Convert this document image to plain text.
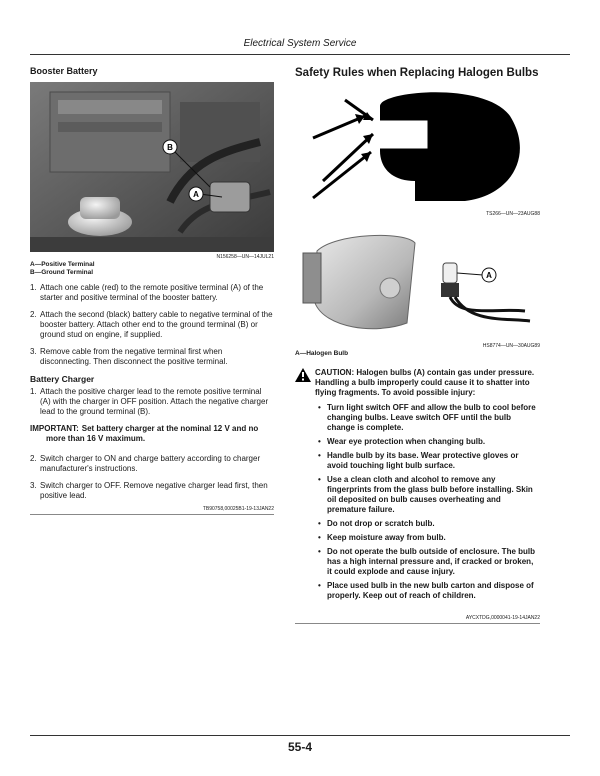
Electrical System Service
Booster Battery
B
A
N156258—UN—14JUL21
A—Positive Terminal
B—Ground Terminal
1. Attach one cable (red) to the remote positive terminal (A) of the starter and positive terminal of the booster battery.
2. Attach the second (black) battery cable to negative terminal of the booster battery. Attach other end to the ground terminal (B) or ground stud on engine, if supplied.
3. Remove cable from the negative terminal first when disconnecting. Then disconnect the positive terminal.
Battery Charger
1. Attach the positive charger lead to the remote positive terminal (A) with the charger in OFF position. Attach the negative charger lead to the ground terminal (B).
IMPORTANT: Set battery charger at the nominal 12 V and no more than 16 V maximum.
2. Switch charger to ON and charge battery according to charger manufacturer's instructions.
3. Switch charger to OFF. Remove negative charger lead first, then positive lead.
TB90758,00025B1-19-13JAN22
Safety Rules when Replacing Halogen Bulbs
TS266—UN—23AUG88
A
HS8774—UN—30AUG89
A—Halogen Bulb
CAUTION: Halogen bulbs (A) contain gas under pressure. Handling a bulb improperly could cause it to shatter into flying fragments. To avoid possible injury:
• Turn light switch OFF and allow the bulb to cool before changing bulbs. Leave switch OFF until the bulb change is complete.
• Wear eye protection when changing bulb.
• Handle bulb by its base. Wear protective gloves or avoid touching light bulb surface.
• Use a clean cloth and alcohol to remove any fingerprints from the glass bulb before installing. Skin oil deposited on bulb causes overheating and premature failure.
• Do not drop or scratch bulb.
• Keep moisture away from bulb.
• Do not operate the bulb outside of enclosure. The bulb has a high internal pressure and, if cracked or broken, it could explode and cause injury.
• Place used bulb in the new bulb carton and dispose of properly. Keep out of reach of children.
AYCXTDG,0000041-19-14JAN22
55-4
